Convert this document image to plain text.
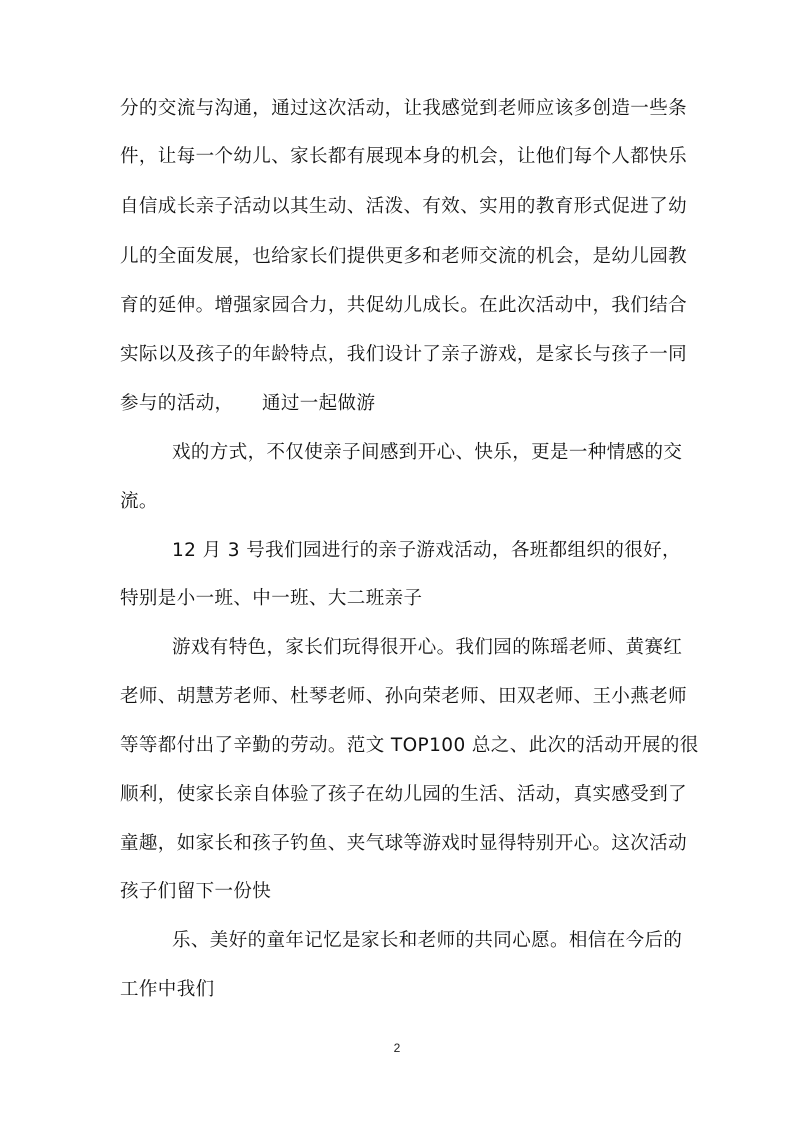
分的交流与沟通，通过这次活动，让我感觉到老师应该多创造一些条
件，让每一个幼儿、家长都有展现本身的机会，让他们每个人都快乐
自信成长亲子活动以其生动、活泼、有效、实用的教育形式促进了幼
儿的全面发展，也给家长们提供更多和老师交流的机会，是幼儿园教
育的延伸。增强家园合力，共促幼儿成长。在此次活动中，我们结合
实际以及孩子的年龄特点，我们设计了亲子游戏，是家长与孩子一同
参与的活动，　　通过一起做游
戏的方式，不仅使亲子间感到开心、快乐，更是一种情感的交
流。
12 月 3 号我们园进行的亲子游戏活动，各班都组织的很好，
特别是小一班、中一班、大二班亲子
游戏有特色，家长们玩得很开心。我们园的陈瑶老师、黄赛红
老师、胡慧芳老师、杜琴老师、孙向荣老师、田双老师、王小燕老师
等等都付出了辛勤的劳动。范文 TOP100 总之、此次的活动开展的很
顺利，使家长亲自体验了孩子在幼儿园的生活、活动，真实感受到了
童趣，如家长和孩子钓鱼、夹气球等游戏时显得特别开心。这次活动
孩子们留下一份快
乐、美好的童年记忆是家长和老师的共同心愿。相信在今后的
工作中我们
2
